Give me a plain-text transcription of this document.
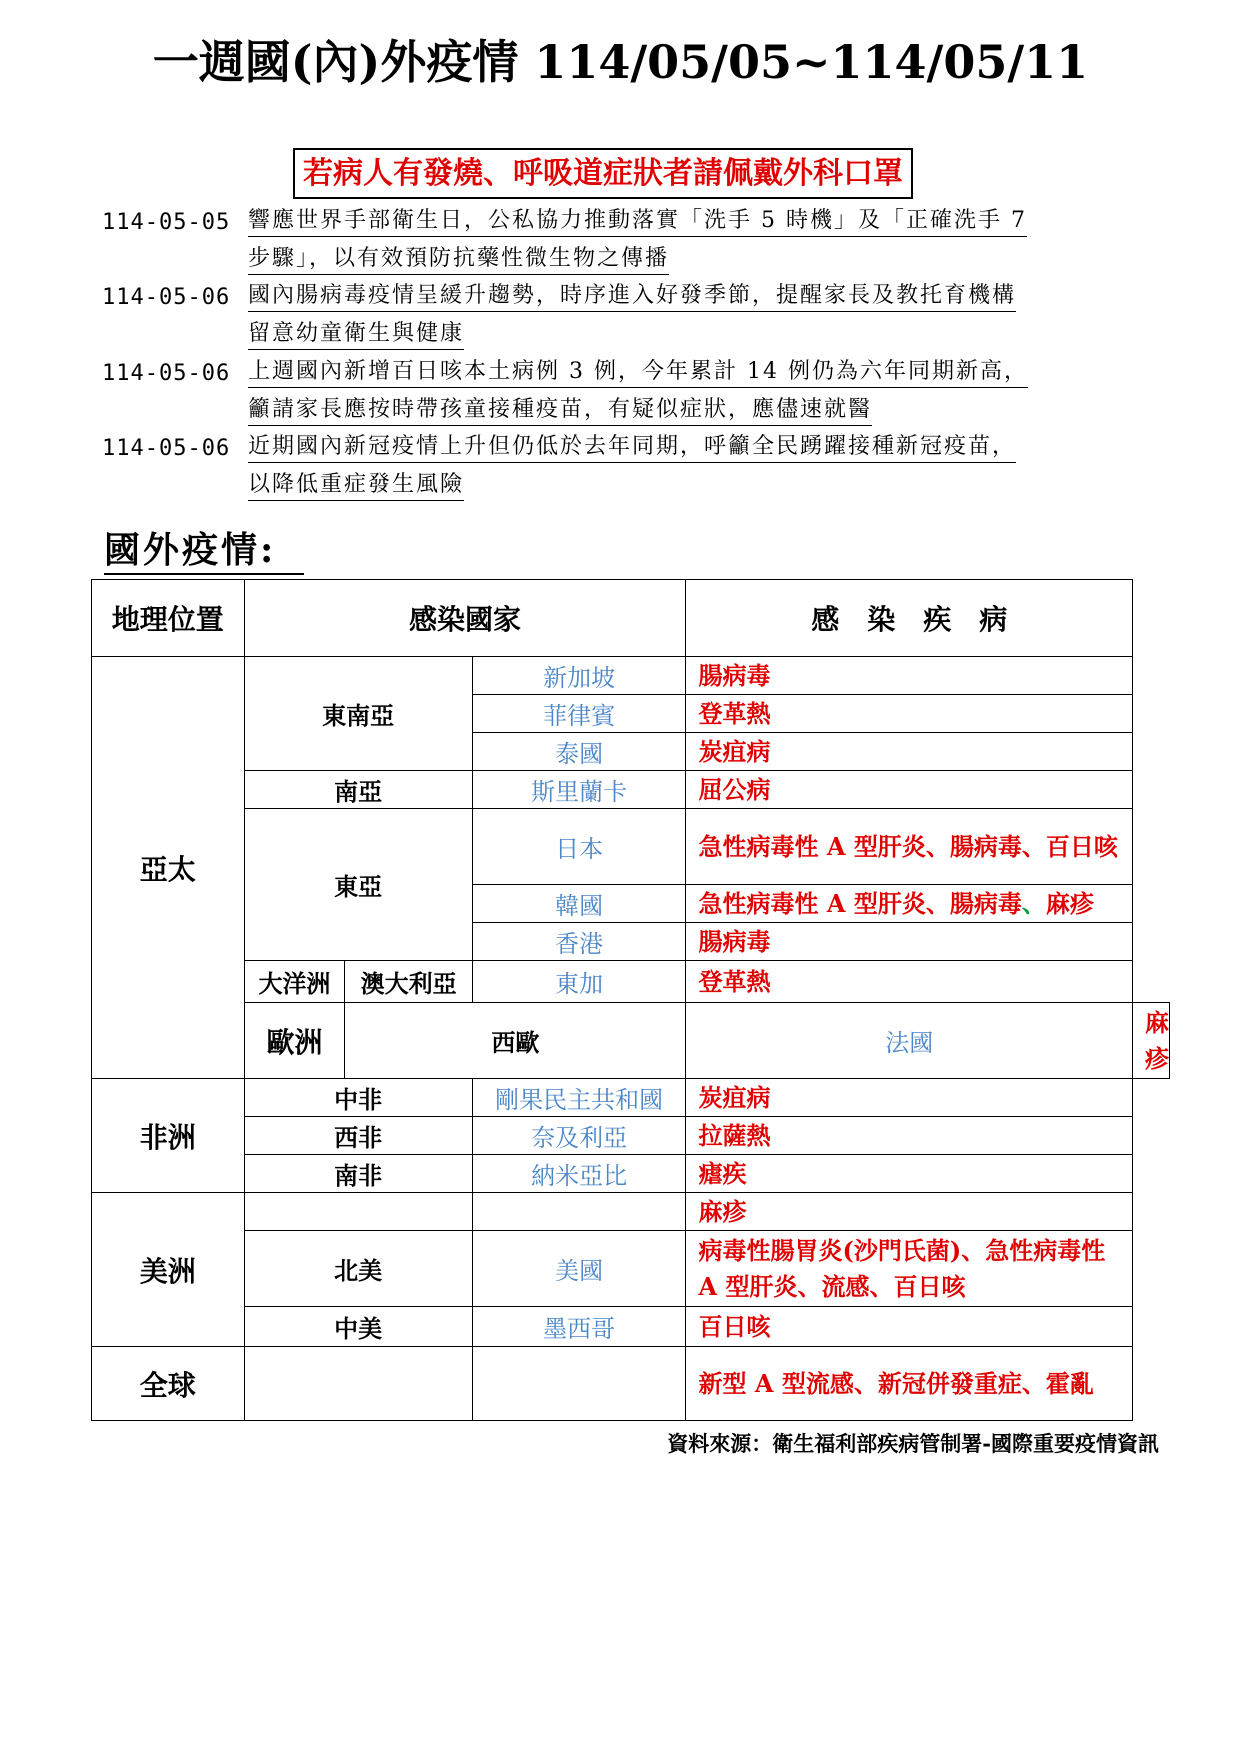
一週國(內)外疫情 114/05/05~114/05/11
若病人有發燒、呼吸道症狀者請佩戴外科口罩
114-05-05 響應世界手部衛生日，公私協力推動落實「洗手 5 時機」及「正確洗手 7
步驟」，以有效預防抗藥性微生物之傳播
114-05-06 國內腸病毒疫情呈緩升趨勢，時序進入好發季節，提醒家長及教托育機構
留意幼童衛生與健康
114-05-06 上週國內新增百日咳本土病例 3 例，今年累計 14 例仍為六年同期新高，
籲請家長應按時帶孩童接種疫苗，有疑似症狀，應儘速就醫
114-05-06 近期國內新冠疫情上升但仍低於去年同期，呼籲全民踴躍接種新冠疫苗，
以降低重症發生風險
國外疫情:
地理位置	感染國家			感　染　疾　病	
亞太	東南亞		新加坡	腸病毒	
			菲律賓	登革熱	
			泰國	炭疽病	
	南亞		斯里蘭卡	屈公病	
	東亞		日本	急性病毒性 A 型肝炎、腸病毒、百日咳	
			韓國	急性病毒性 A 型肝炎、腸病毒、麻疹	
			香港	腸病毒	
	大洋洲	澳大利亞	東加	登革熱	
	歐洲	西歐		法國	麻疹
非洲	中非		剛果民主共和國	炭疽病	
	西非		奈及利亞	拉薩熱	
	南非		納米亞比	瘧疾	
美洲				麻疹	
	北美		美國	病毒性腸胃炎(沙門氏菌)、急性病毒性 A 型肝炎、流感、百日咳	
	中美		墨西哥	百日咳	
全球				新型 A 型流感、新冠併發重症、霍亂	
資料來源：衛生福利部疾病管制署-國際重要疫情資訊
